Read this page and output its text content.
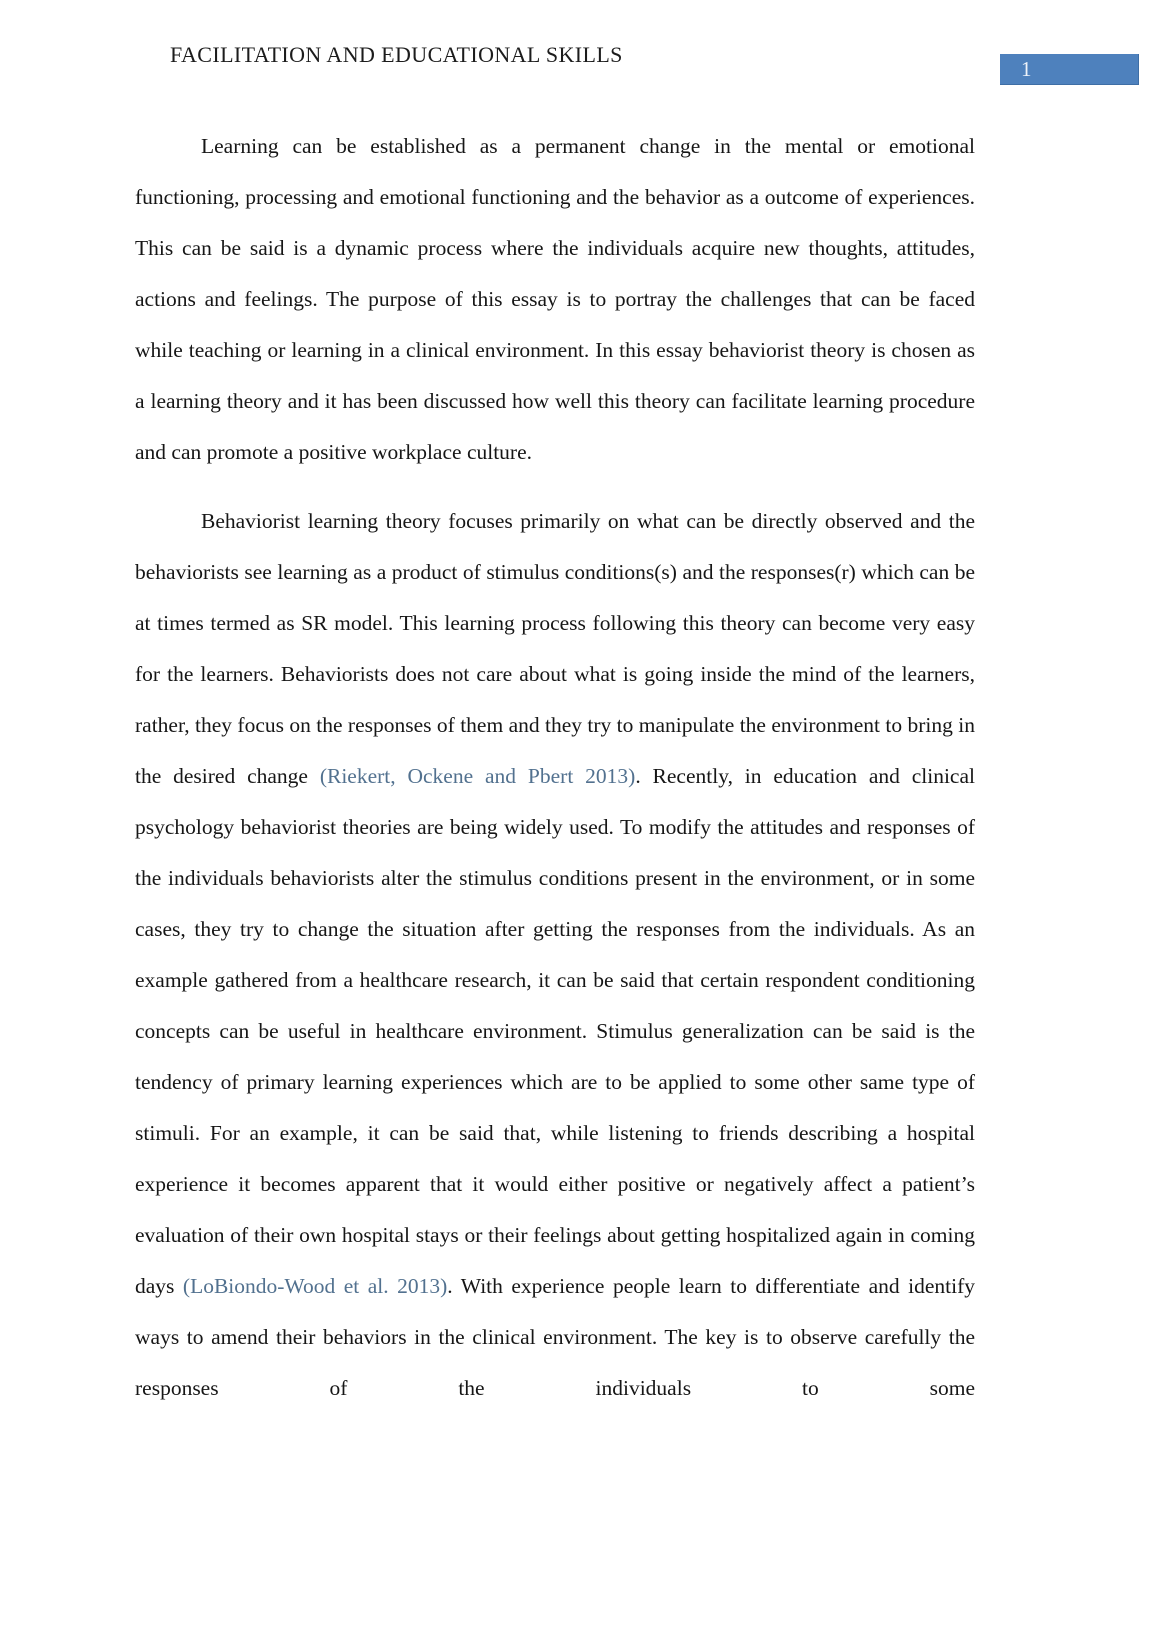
FACILITATION AND EDUCATIONAL SKILLS
1

Learning can be established as a permanent change in the mental or emotional functioning, processing and emotional functioning and the behavior as a outcome of experiences. This can be said is a dynamic process where the individuals acquire new thoughts, attitudes, actions and feelings. The purpose of this essay is to portray the challenges that can be faced while teaching or learning in a clinical environment. In this essay behaviorist theory is chosen as a learning theory and it has been discussed how well this theory can facilitate learning procedure and can promote a positive workplace culture.

Behaviorist learning theory focuses primarily on what can be directly observed and the behaviorists see learning as a product of stimulus conditions(s) and the responses(r) which can be at times termed as SR model. This learning process following this theory can become very easy for the learners. Behaviorists does not care about what is going inside the mind of the learners, rather, they focus on the responses of them and they try to manipulate the environment to bring in the desired change (Riekert, Ockene and Pbert 2013). Recently, in education and clinical psychology behaviorist theories are being widely used. To modify the attitudes and responses of the individuals behaviorists alter the stimulus conditions present in the environment, or in some cases, they try to change the situation after getting the responses from the individuals. As an example gathered from a healthcare research, it can be said that certain respondent conditioning concepts can be useful in healthcare environment. Stimulus generalization can be said is the tendency of primary learning experiences which are to be applied to some other same type of stimuli. For an example, it can be said that, while listening to friends describing a hospital experience it becomes apparent that it would either positive or negatively affect a patient’s evaluation of their own hospital stays or their feelings about getting hospitalized again in coming days (LoBiondo-Wood et al. 2013). With experience people learn to differentiate and identify ways to amend their behaviors in the clinical environment. The key is to observe carefully the responses of the individuals to some
